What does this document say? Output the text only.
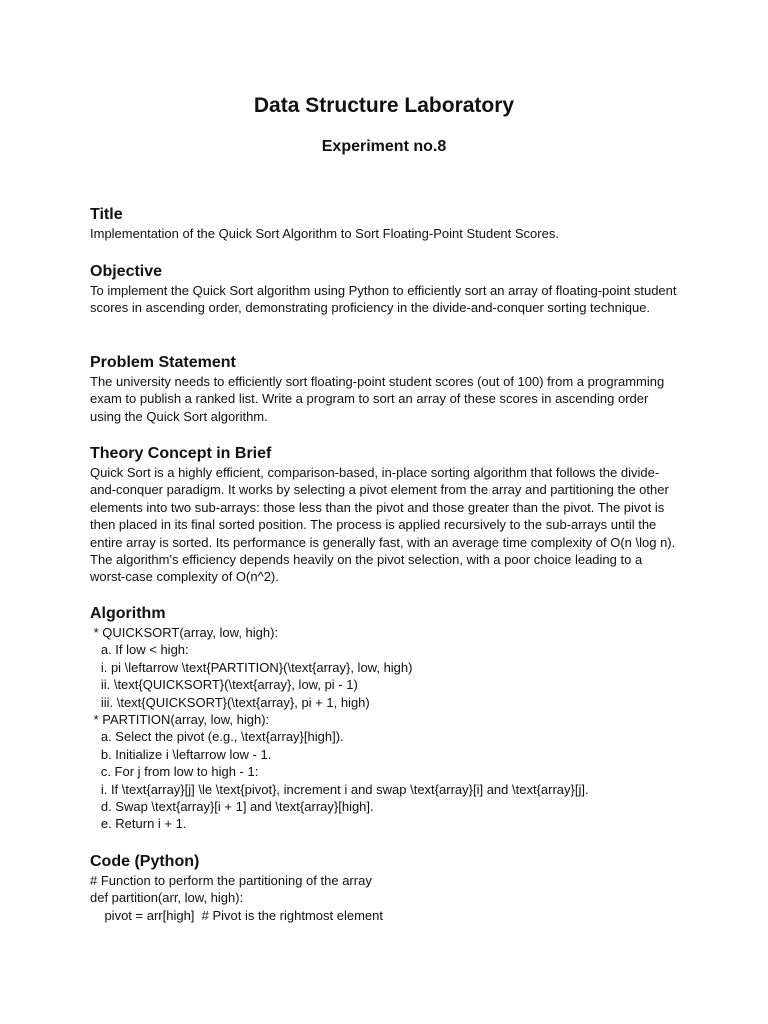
Data Structure Laboratory
Experiment no.8
Title

Implementation of the Quick Sort Algorithm to Sort Floating-Point Student Scores.

Objective

To implement the Quick Sort algorithm using Python to efficiently sort an array of floating-point student scores in ascending order, demonstrating proficiency in the divide-and-conquer sorting technique.

Problem Statement

The university needs to efficiently sort floating-point student scores (out of 100) from a programming exam to publish a ranked list. Write a program to sort an array of these scores in ascending order using the Quick Sort algorithm.

Theory Concept in Brief

Quick Sort is a highly efficient, comparison-based, in-place sorting algorithm that follows the divide-and-conquer paradigm. It works by selecting a pivot element from the array and partitioning the other elements into two sub-arrays: those less than the pivot and those greater than the pivot. The pivot is then placed in its final sorted position. The process is applied recursively to the sub-arrays until the entire array is sorted. Its performance is generally fast, with an average time complexity of O(n \log n). The algorithm's efficiency depends heavily on the pivot selection, with a poor choice leading to a worst-case complexity of O(n^2).

Algorithm
* QUICKSORT(array, low, high):
a. If low < high:
i. pi \leftarrow \text{PARTITION}(\text{array}, low, high)
ii. \text{QUICKSORT}(\text{array}, low, pi - 1)
iii. \text{QUICKSORT}(\text{array}, pi + 1, high)
* PARTITION(array, low, high):
a. Select the pivot (e.g., \text{array}[high]).
b. Initialize i \leftarrow low - 1.
c. For j from low to high - 1:
i. If \text{array}[j] \le \text{pivot}, increment i and swap \text{array}[i] and \text{array}[j].
d. Swap \text{array}[i + 1] and \text{array}[high].
e. Return i + 1.
Code (Python)
# Function to perform the partitioning of the array
def partition(arr, low, high):
pivot = arr[high]  # Pivot is the rightmost element
